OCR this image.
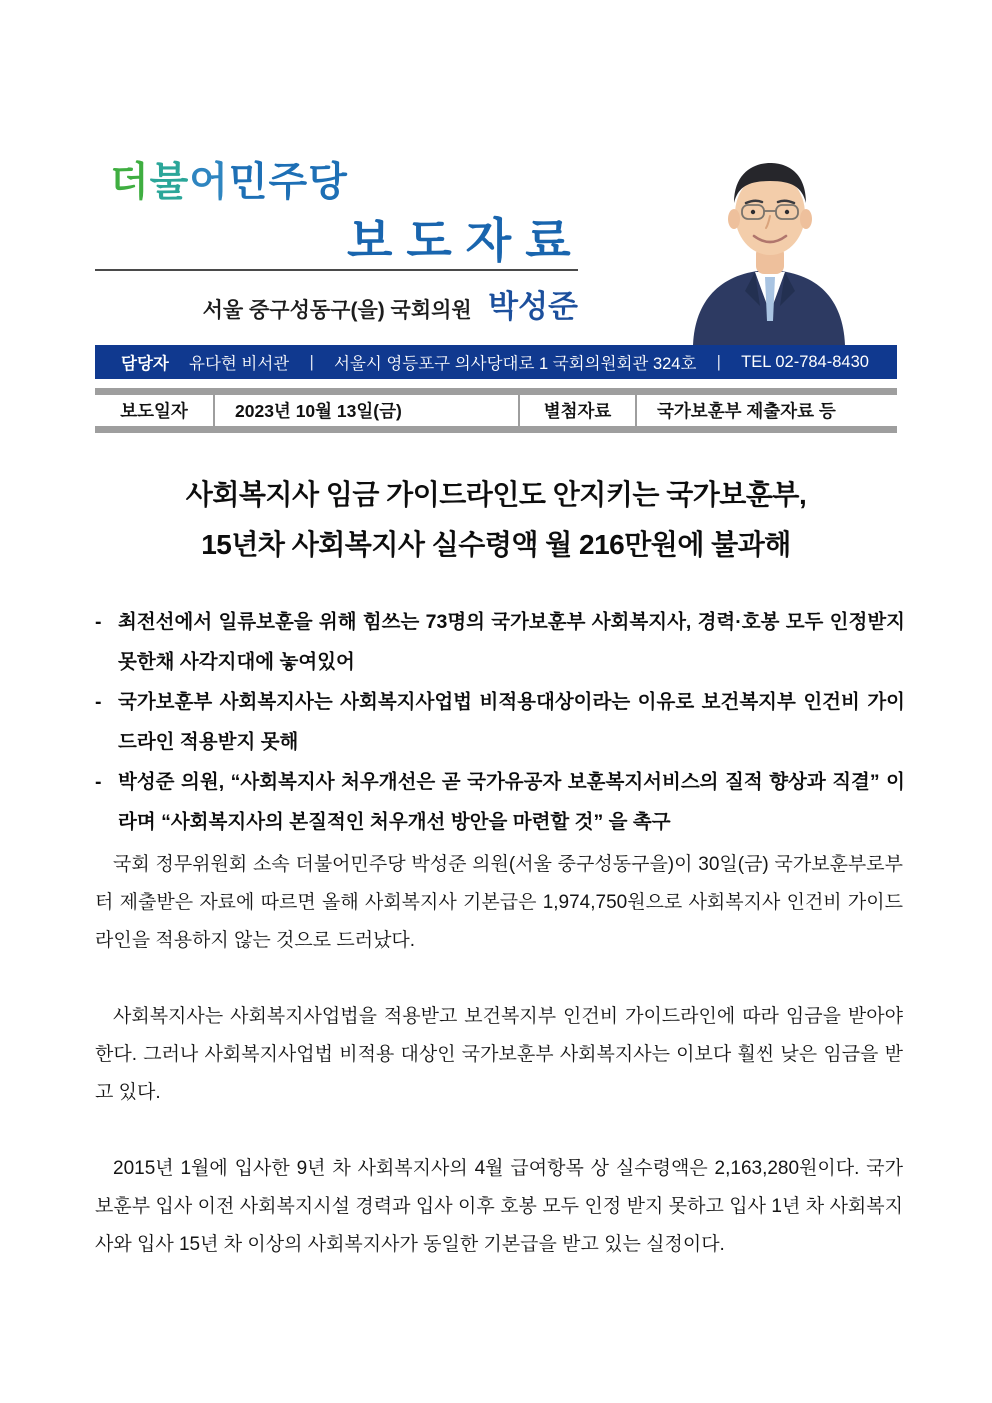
더불어민주당
보도자료
서울 중구성동구(을) 국회의원 박성준
담당자 유다현 비서관 | 서울시 영등포구 의사당대로 1 국회의원회관 324호 | TEL 02-784-8430
보도일자	2023년 10월 13일(금)	별첨자료	국가보훈부 제출자료 등
사회복지사 임금 가이드라인도 안지키는 국가보훈부,
15년차 사회복지사 실수령액 월 216만원에 불과해
- 최전선에서 일류보훈을 위해 힘쓰는 73명의 국가보훈부 사회복지사, 경력·호봉 모두 인정받지 못한채 사각지대에 놓여있어
- 국가보훈부 사회복지사는 사회복지사업법 비적용대상이라는 이유로 보건복지부 인건비 가이드라인 적용받지 못해
- 박성준 의원, “사회복지사 처우개선은 곧 국가유공자 보훈복지서비스의 질적 향상과 직결” 이라며 “사회복지사의 본질적인 처우개선 방안을 마련할 것” 을 촉구

국회 정무위원회 소속 더불어민주당 박성준 의원(서울 중구성동구을)이 30일(금) 국가보훈부로부터 제출받은 자료에 따르면 올해 사회복지사 기본급은 1,974,750원으로 사회복지사 인건비 가이드라인을 적용하지 않는 것으로 드러났다.

사회복지사는 사회복지사업법을 적용받고 보건복지부 인건비 가이드라인에 따라 임금을 받아야 한다. 그러나 사회복지사업법 비적용 대상인 국가보훈부 사회복지사는 이보다 훨씬 낮은 임금을 받고 있다.

2015년 1월에 입사한 9년 차 사회복지사의 4월 급여항목 상 실수령액은 2,163,280원이다. 국가보훈부 입사 이전 사회복지시설 경력과 입사 이후 호봉 모두 인정 받지 못하고 입사 1년 차 사회복지사와 입사 15년 차 이상의 사회복지사가 동일한 기본급을 받고 있는 실정이다.
